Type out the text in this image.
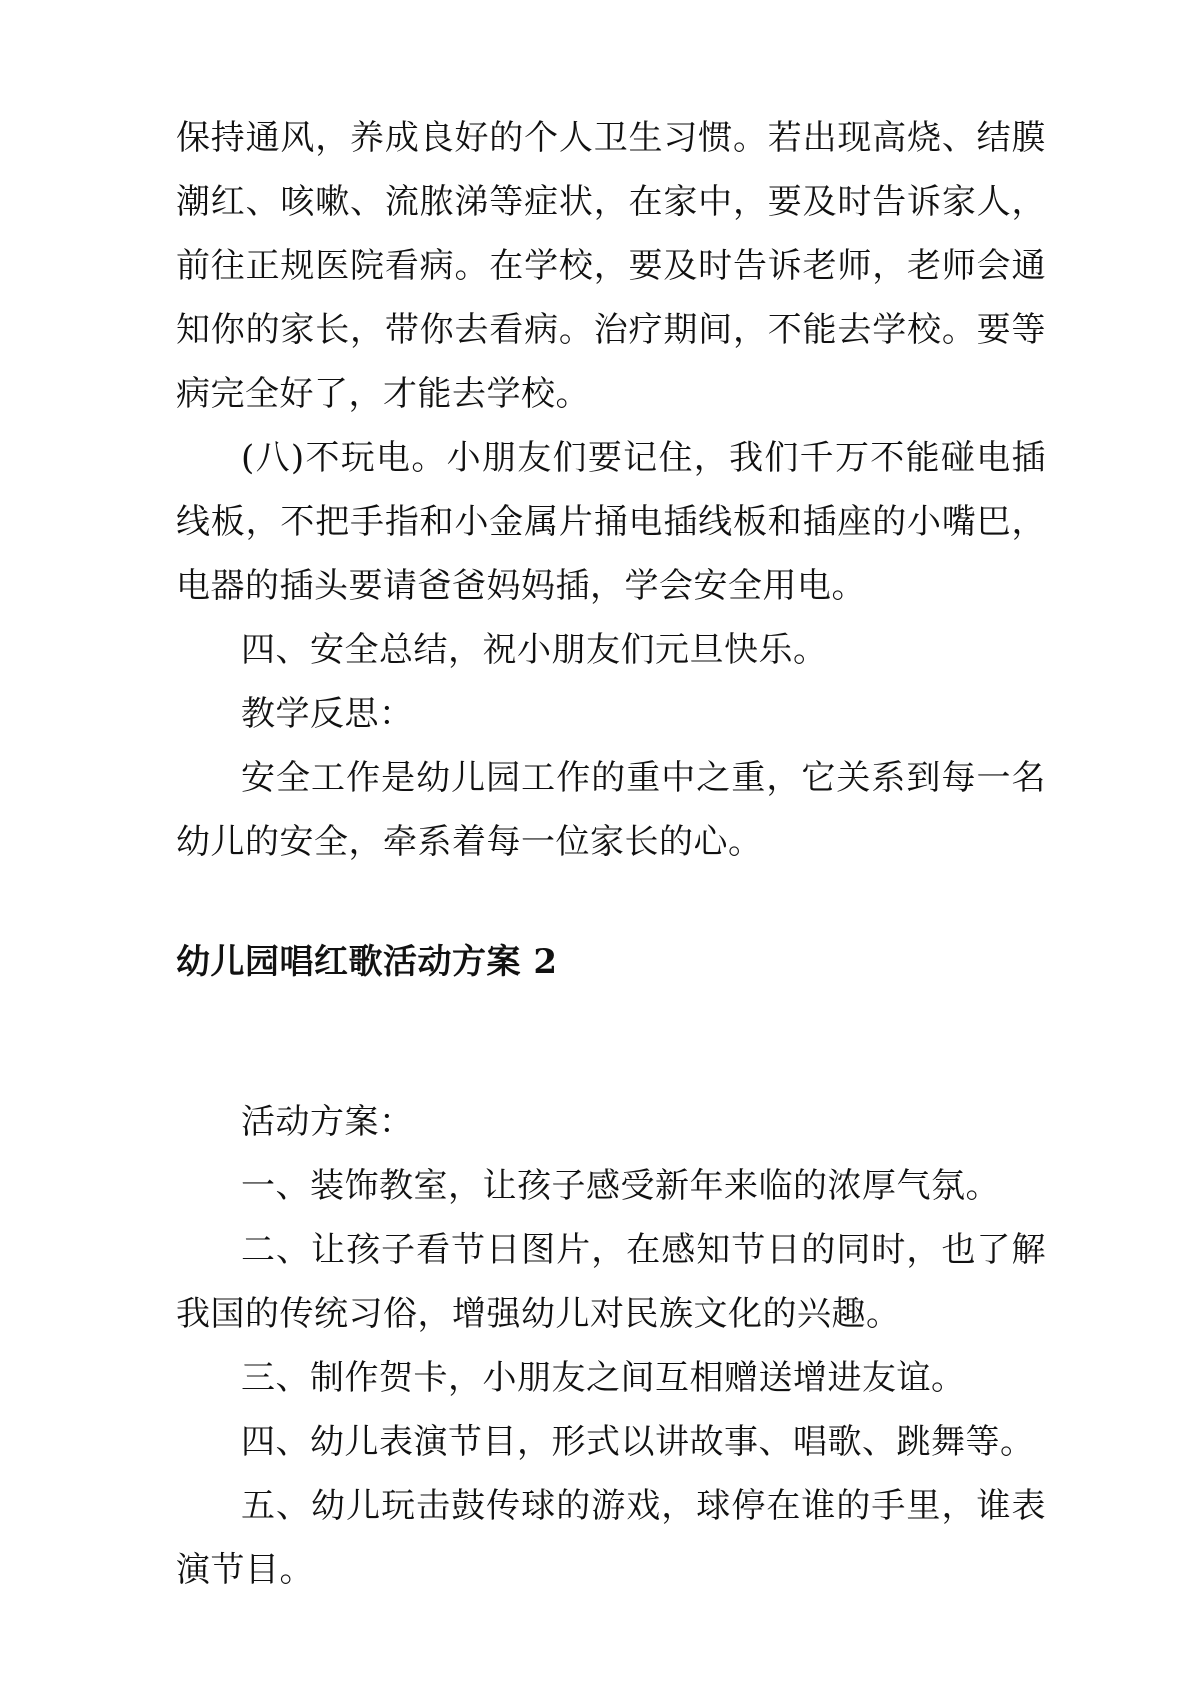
保持通风，养成良好的个人卫生习惯。若出现高烧、结膜潮红、咳嗽、流脓涕等症状，在家中，要及时告诉家人，前往正规医院看病。在学校，要及时告诉老师，老师会通知你的家长，带你去看病。治疗期间，不能去学校。要等病完全好了，才能去学校。

(八)不玩电。小朋友们要记住，我们千万不能碰电插线板，不把手指和小金属片捅电插线板和插座的小嘴巴，电器的插头要请爸爸妈妈插，学会安全用电。

四、安全总结，祝小朋友们元旦快乐。

教学反思：

安全工作是幼儿园工作的重中之重，它关系到每一名幼儿的安全，牵系着每一位家长的心。

幼儿园唱红歌活动方案 2

活动方案：

一、装饰教室，让孩子感受新年来临的浓厚气氛。

二、让孩子看节日图片，在感知节日的同时，也了解我国的传统习俗，增强幼儿对民族文化的兴趣。

三、制作贺卡，小朋友之间互相赠送增进友谊。

四、幼儿表演节目，形式以讲故事、唱歌、跳舞等。

五、幼儿玩击鼓传球的游戏，球停在谁的手里，谁表演节目。
